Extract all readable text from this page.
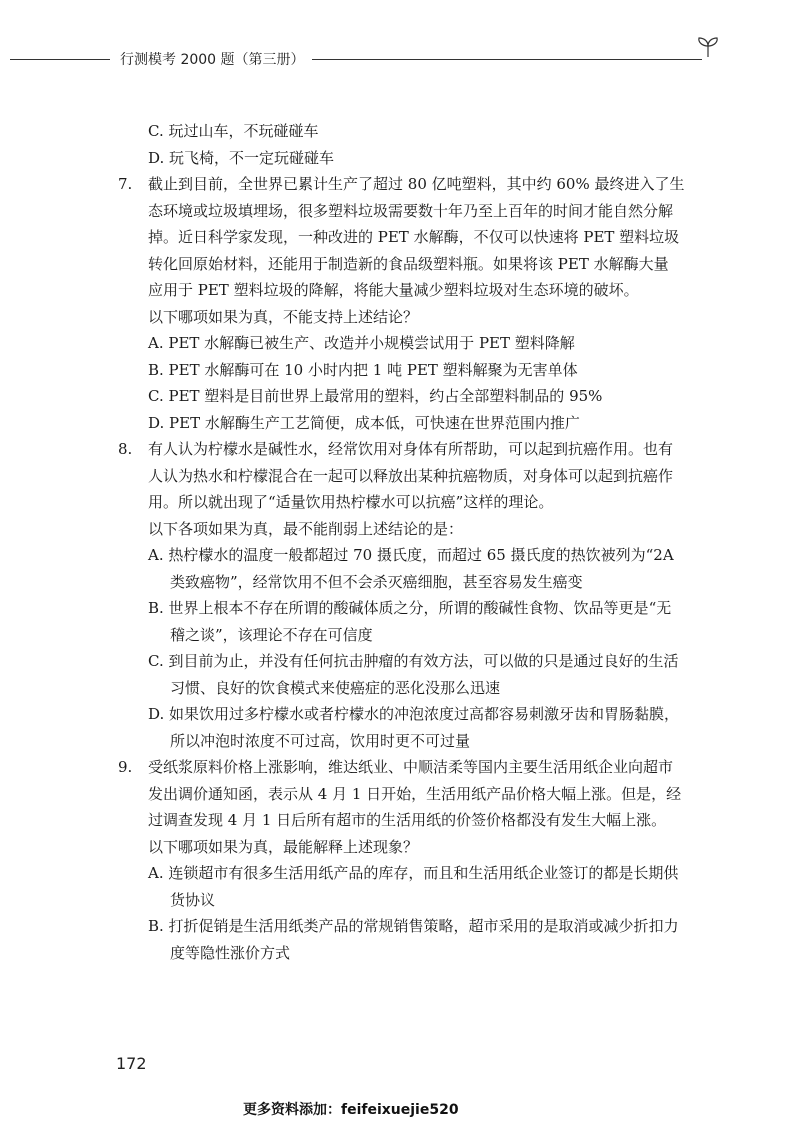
行测模考 2000 题（第三册）
C. 玩过山车，不玩碰碰车
D. 玩飞椅，不一定玩碰碰车
7. 截止到目前，全世界已累计生产了超过 80 亿吨塑料，其中约 60% 最终进入了生
态环境或垃圾填埋场，很多塑料垃圾需要数十年乃至上百年的时间才能自然分解
掉。近日科学家发现，一种改进的 PET 水解酶，不仅可以快速将 PET 塑料垃圾
转化回原始材料，还能用于制造新的食品级塑料瓶。如果将该 PET 水解酶大量
应用于 PET 塑料垃圾的降解，将能大量减少塑料垃圾对生态环境的破坏。
以下哪项如果为真，不能支持上述结论？
A. PET 水解酶已被生产、改造并小规模尝试用于 PET 塑料降解
B. PET 水解酶可在 10 小时内把 1 吨 PET 塑料解聚为无害单体
C. PET 塑料是目前世界上最常用的塑料，约占全部塑料制品的 95%
D. PET 水解酶生产工艺简便，成本低，可快速在世界范围内推广
8. 有人认为柠檬水是碱性水，经常饮用对身体有所帮助，可以起到抗癌作用。也有
人认为热水和柠檬混合在一起可以释放出某种抗癌物质，对身体可以起到抗癌作
用。所以就出现了“适量饮用热柠檬水可以抗癌”这样的理论。
以下各项如果为真，最不能削弱上述结论的是：
A. 热柠檬水的温度一般都超过 70 摄氏度，而超过 65 摄氏度的热饮被列为“2A
类致癌物”，经常饮用不但不会杀灭癌细胞，甚至容易发生癌变
B. 世界上根本不存在所谓的酸碱体质之分，所谓的酸碱性食物、饮品等更是“无
稽之谈”，该理论不存在可信度
C. 到目前为止，并没有任何抗击肿瘤的有效方法，可以做的只是通过良好的生活
习惯、良好的饮食模式来使癌症的恶化没那么迅速
D. 如果饮用过多柠檬水或者柠檬水的冲泡浓度过高都容易刺激牙齿和胃肠黏膜，
所以冲泡时浓度不可过高，饮用时更不可过量
9. 受纸浆原料价格上涨影响，维达纸业、中顺洁柔等国内主要生活用纸企业向超市
发出调价通知函，表示从 4 月 1 日开始，生活用纸产品价格大幅上涨。但是，经
过调查发现 4 月 1 日后所有超市的生活用纸的价签价格都没有发生大幅上涨。
以下哪项如果为真，最能解释上述现象？
A. 连锁超市有很多生活用纸产品的库存，而且和生活用纸企业签订的都是长期供
货协议
B. 打折促销是生活用纸类产品的常规销售策略，超市采用的是取消或减少折扣力
度等隐性涨价方式
172
更多资料添加：feifeixuejie520
